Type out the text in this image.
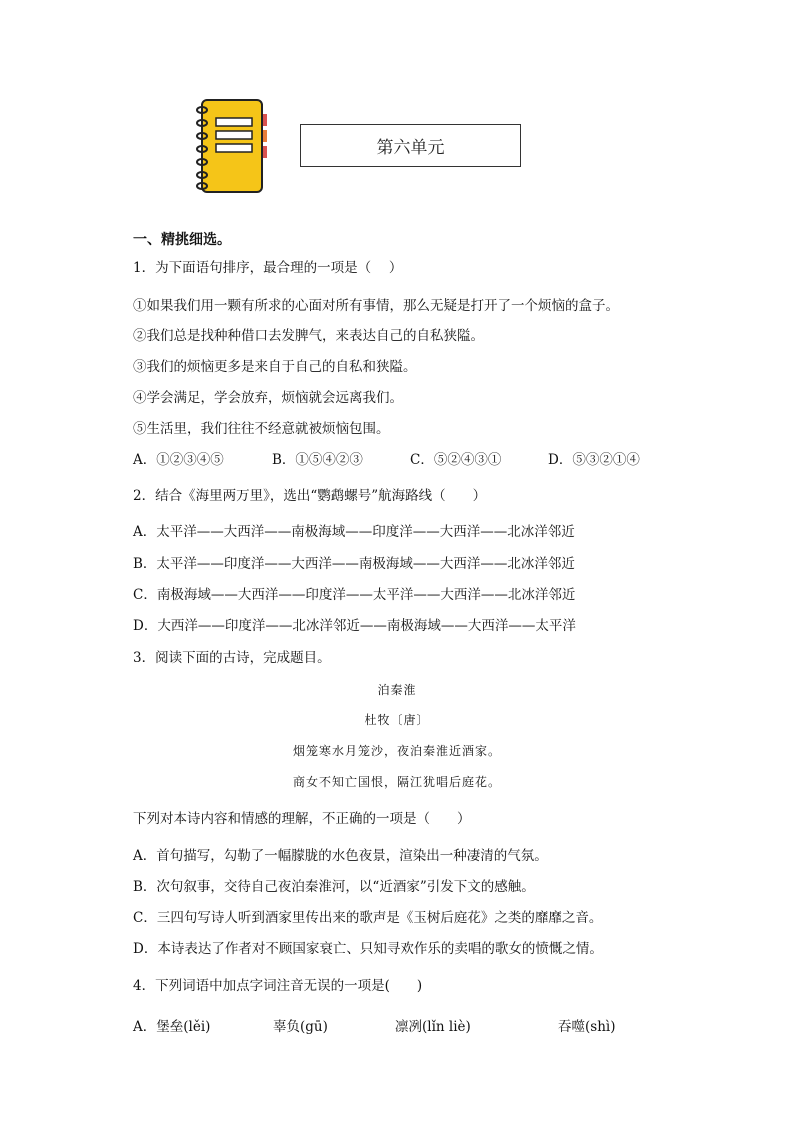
第六单元
一、精挑细选。
1．为下面语句排序，最合理的一项是（　 ）
①如果我们用一颗有所求的心面对所有事情，那么无疑是打开了一个烦恼的盒子。
②我们总是找种种借口去发脾气，来表达自己的自私狭隘。
③我们的烦恼更多是来自于自己的自私和狭隘。
④学会满足，学会放弃，烦恼就会远离我们。
⑤生活里，我们往往不经意就被烦恼包围。
A．①②③④⑤	B．①⑤④②③	C．⑤②④③①	D．⑤③②①④
2．结合《海里两万里》，选出“鹦鹉螺号”航海路线（　　）
A．太平洋——大西洋——南极海域——印度洋——大西洋——北冰洋邻近
B．太平洋——印度洋——大西洋——南极海域——大西洋——北冰洋邻近
C．南极海域——大西洋——印度洋——太平洋——大西洋——北冰洋邻近
D．大西洋——印度洋——北冰洋邻近——南极海域——大西洋——太平洋
3．阅读下面的古诗，完成题目。
泊秦淮
杜牧〔唐〕
烟笼寒水月笼沙，夜泊秦淮近酒家。
商女不知亡国恨，隔江犹唱后庭花。
下列对本诗内容和情感的理解，不正确的一项是（　　）
A．首句描写，勾勒了一幅朦胧的水色夜景，渲染出一种凄清的气氛。
B．次句叙事，交待自己夜泊秦淮河，以“近酒家”引发下文的感触。
C．三四句写诗人听到酒家里传出来的歌声是《玉树后庭花》之类的靡靡之音。
D．本诗表达了作者对不顾国家衰亡、只知寻欢作乐的卖唱的歌女的愤慨之情。
4．下列词语中加点字词注音无误的一项是(　　)
A．堡垒(lěi)	辜负(gū)	凛冽(lǐn liè)	吞噬(shì)
